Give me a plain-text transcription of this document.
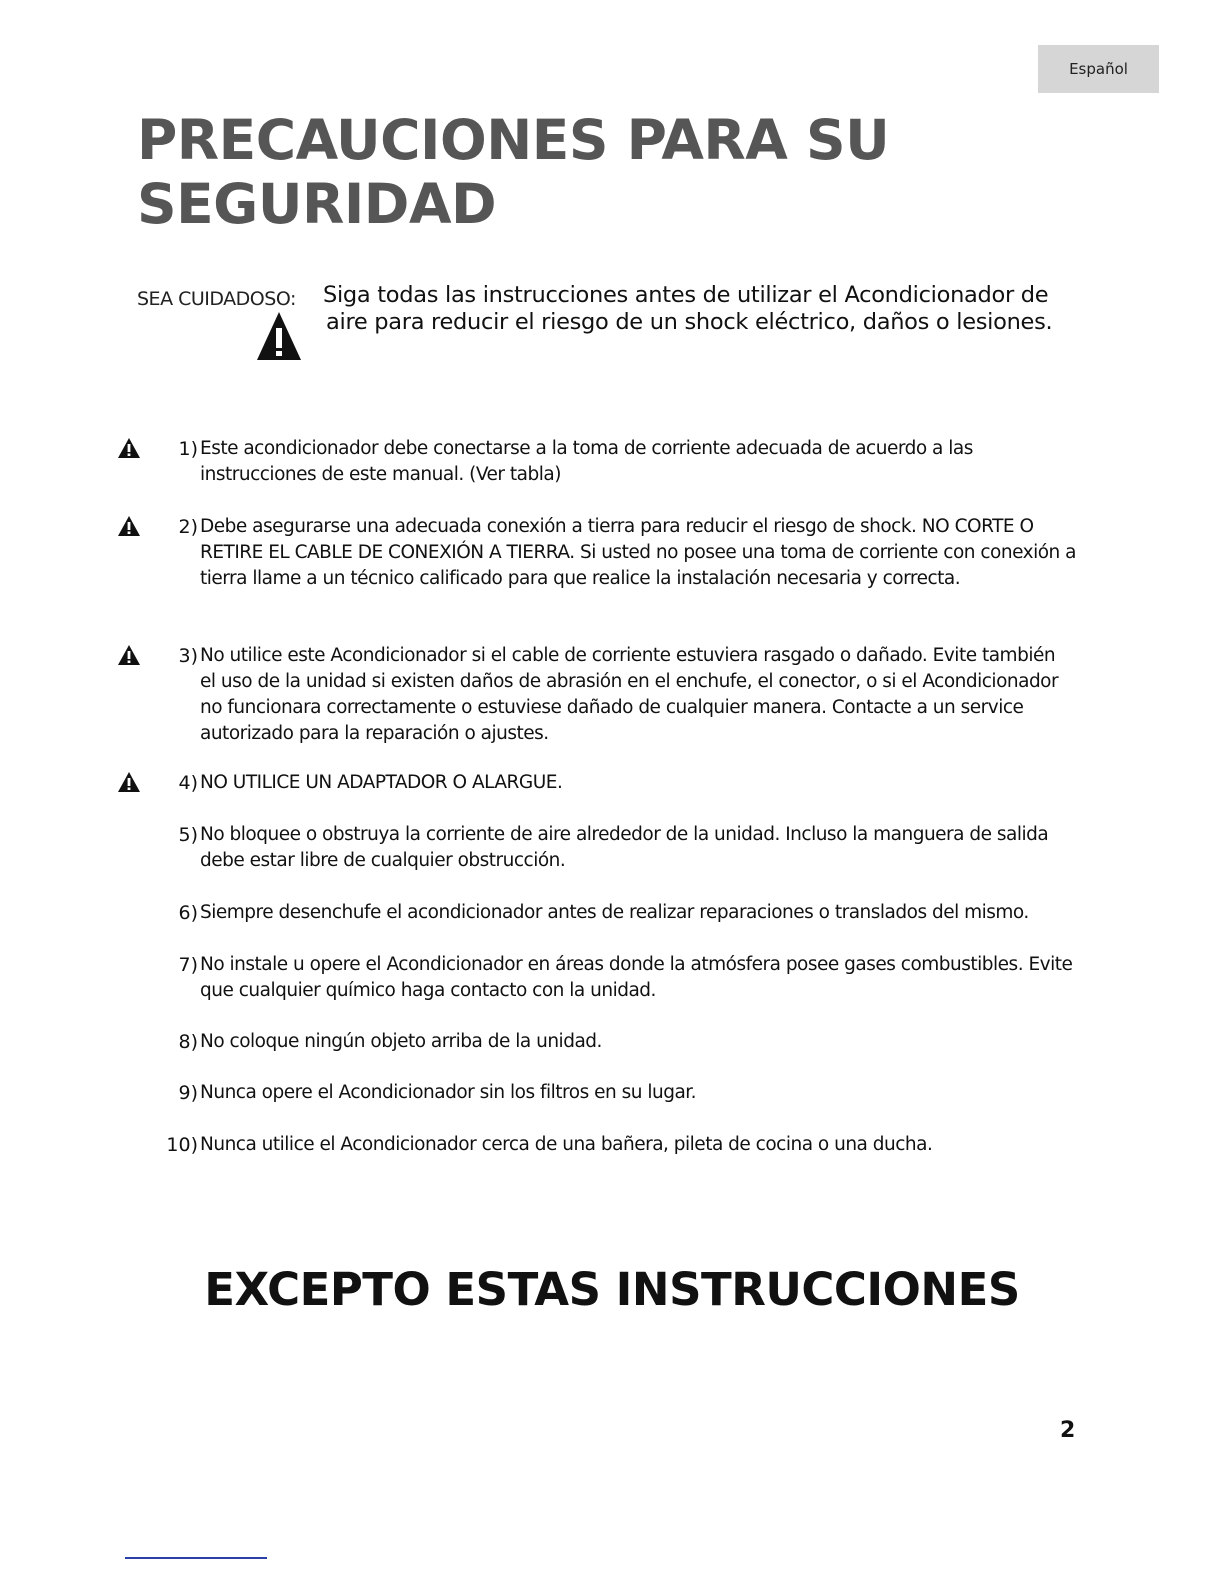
Español
PRECAUCIONES PARA SU
SEGURIDAD
SEA CUIDADOSO: Siga todas las instrucciones antes de utilizar el Acondicionador de
aire para reducir el riesgo de un shock eléctrico, daños o lesiones.
1) Este acondicionador debe conectarse a la toma de corriente adecuada de acuerdo a las instrucciones de este manual. (Ver tabla)
2) Debe asegurarse una adecuada conexión a tierra para reducir el riesgo de shock. NO CORTE O RETIRE EL CABLE DE CONEXIÓN A TIERRA. Si usted no posee una toma de corriente con conexión a tierra llame a un técnico calificado para que realice la instalación necesaria y correcta.
3) No utilice este Acondicionador si el cable de corriente estuviera rasgado o dañado. Evite también el uso de la unidad si existen daños de abrasión en el enchufe, el conector, o si el Acondicionador no funcionara correctamente o estuviese dañado de cualquier manera. Contacte a un service autorizado para la reparación o ajustes.
4) NO UTILICE UN ADAPTADOR O ALARGUE.
5) No bloquee o obstruya la corriente de aire alrededor de la unidad. Incluso la manguera de salida debe estar libre de cualquier obstrucción.
6) Siempre desenchufe el acondicionador antes de realizar reparaciones o translados del mismo.
7) No instale u opere el Acondicionador en áreas donde la atmósfera posee gases combustibles. Evite que cualquier químico haga contacto con la unidad.
8) No coloque ningún objeto arriba de la unidad.
9) Nunca opere el Acondicionador sin los filtros en su lugar.
10) Nunca utilice el Acondicionador cerca de una bañera, pileta de cocina o una ducha.
EXCEPTO ESTAS INSTRUCCIONES
2
